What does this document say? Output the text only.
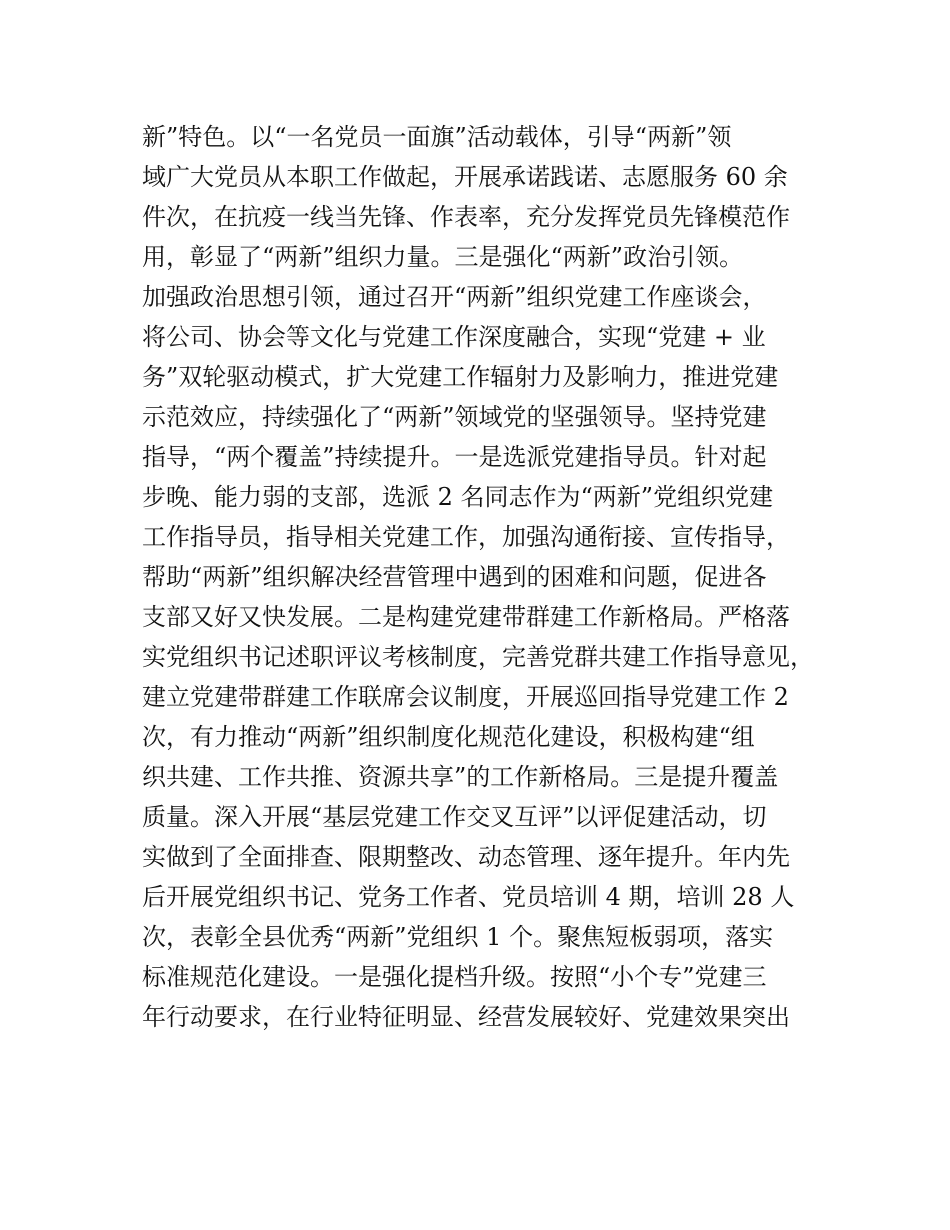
新”特色。以“一名党员一面旗”活动载体，引导“两新”领
域广大党员从本职工作做起，开展承诺践诺、志愿服务 60 余
件次，在抗疫一线当先锋、作表率，充分发挥党员先锋模范作
用，彰显了“两新”组织力量。三是强化“两新”政治引领。
加强政治思想引领，通过召开“两新”组织党建工作座谈会，
将公司、协会等文化与党建工作深度融合，实现“党建 + 业
务”双轮驱动模式，扩大党建工作辐射力及影响力，推进党建
示范效应，持续强化了“两新”领域党的坚强领导。坚持党建
指导，“两个覆盖”持续提升。一是选派党建指导员。针对起
步晚、能力弱的支部，选派 2 名同志作为“两新”党组织党建
工作指导员，指导相关党建工作，加强沟通衔接、宣传指导，
帮助“两新”组织解决经营管理中遇到的困难和问题，促进各
支部又好又快发展。二是构建党建带群建工作新格局。严格落
实党组织书记述职评议考核制度，完善党群共建工作指导意见，
建立党建带群建工作联席会议制度，开展巡回指导党建工作 2
次，有力推动“两新”组织制度化规范化建设，积极构建“组
织共建、工作共推、资源共享”的工作新格局。三是提升覆盖
质量。深入开展“基层党建工作交叉互评”以评促建活动，切
实做到了全面排查、限期整改、动态管理、逐年提升。年内先
后开展党组织书记、党务工作者、党员培训 4 期，培训 28 人
次，表彰全县优秀“两新”党组织 1 个。聚焦短板弱项，落实
标准规范化建设。一是强化提档升级。按照“小个专”党建三
年行动要求，在行业特征明显、经营发展较好、党建效果突出
